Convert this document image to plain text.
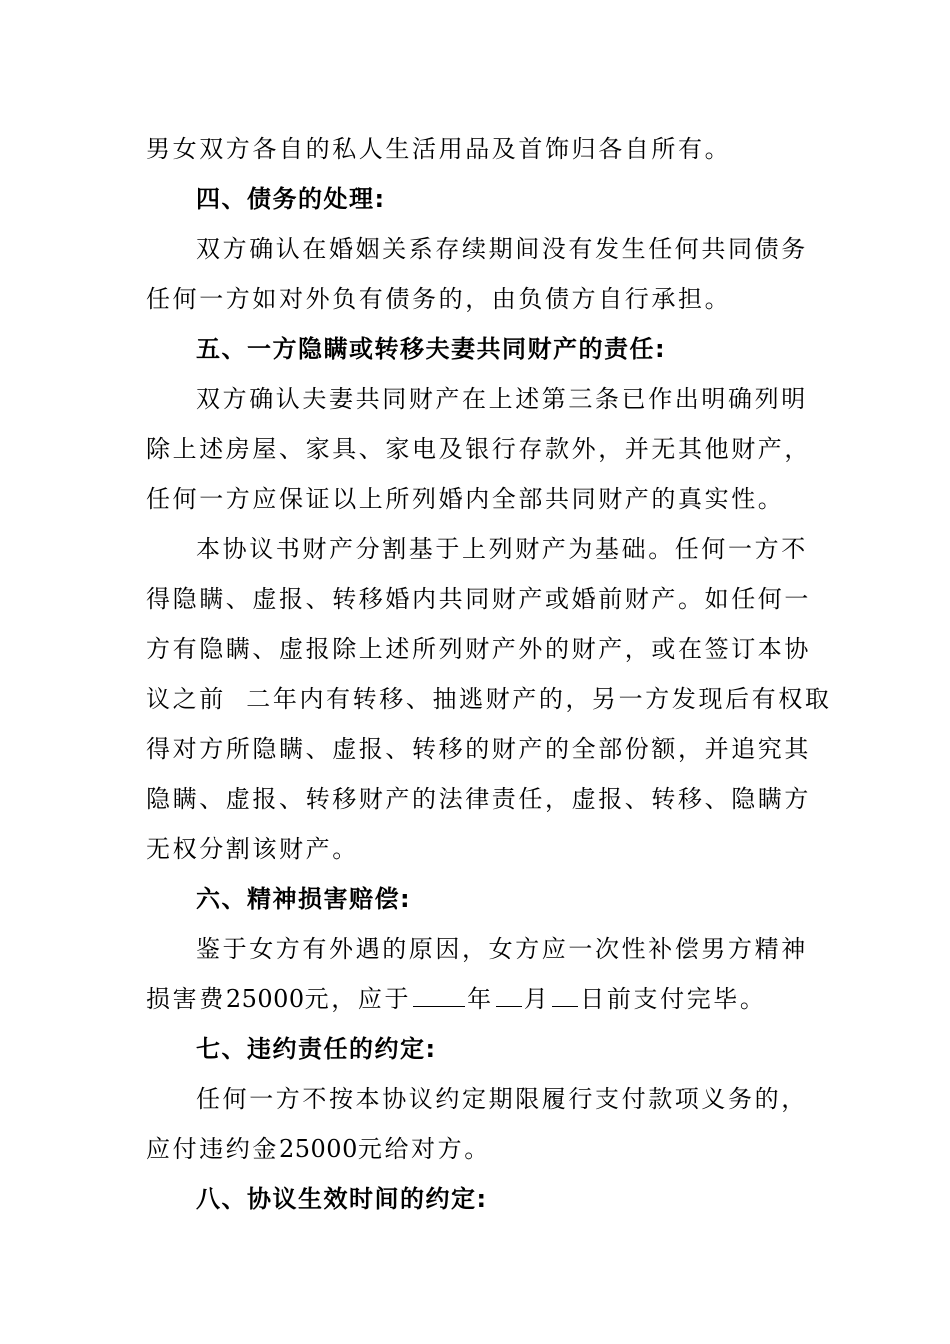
男女双方各自的私人生活用品及首饰归各自所有。
四、债务的处理:
双方确认在婚姻关系存续期间没有发生任何共同债务
任何一方如对外负有债务的，由负债方自行承担。
五、一方隐瞒或转移夫妻共同财产的责任:
双方确认夫妻共同财产在上述第三条已作出明确列明
除上述房屋、家具、家电及银行存款外，并无其他财产，
任何一方应保证以上所列婚内全部共同财产的真实性。
本协议书财产分割基于上列财产为基础。任何一方不
得隐瞒、虚报、转移婚内共同财产或婚前财产。如任何一
方有隐瞒、虚报除上述所列财产外的财产，或在签订本协
议之前  二年内有转移、抽逃财产的，另一方发现后有权取
得对方所隐瞒、虚报、转移的财产的全部份额，并追究其
隐瞒、虚报、转移财产的法律责任，虚报、转移、隐瞒方
无权分割该财产。
六、精神损害赔偿:
鉴于女方有外遇的原因，女方应一次性补偿男方精神
损害费25000元，应于 年 月 日前支付完毕。
七、违约责任的约定:
任何一方不按本协议约定期限履行支付款项义务的，
应付违约金25000元给对方。
八、协议生效时间的约定:
